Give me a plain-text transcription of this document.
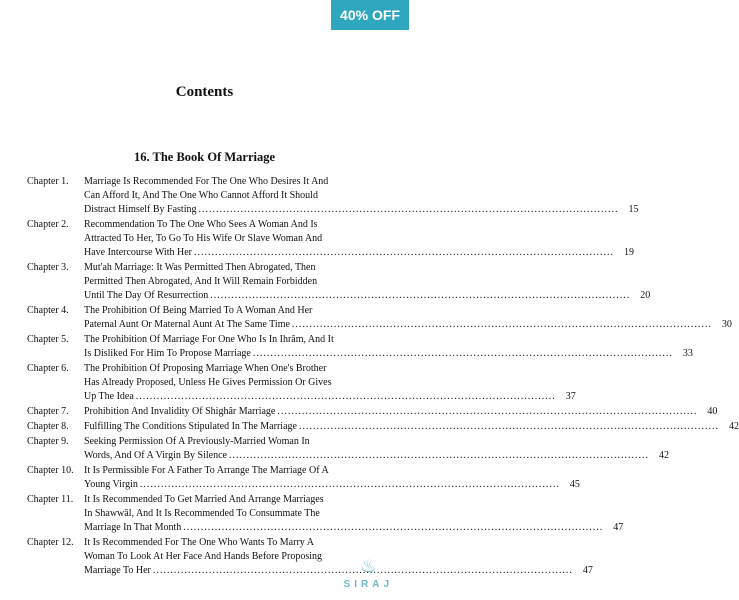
40% OFF
Contents
16. The Book Of Marriage
Chapter 1.	Marriage Is Recommended For The One Who Desires It And
Can Afford It, And The One Who Cannot Afford It Should
Distract Himself By Fasting .....	15
Chapter 2.	Recommendation To The One Who Sees A Woman And Is
Attracted To Her, To Go To His Wife Or Slave Woman And
Have Intercourse With Her .....	19
Chapter 3.	Mut'ah Marriage: It Was Permitted Then Abrogated, Then
Permitted Then Abrogated, And It Will Remain Forbidden
Until The Day Of Resurrection .....	20
Chapter 4.	The Prohibition Of Being Married To A Woman And Her
Paternal Aunt Or Maternal Aunt At The Same Time .....	30
Chapter 5.	The Prohibition Of Marriage For One Who Is In Ihrâm, And It
Is Disliked For Him To Propose Marriage .....	33
Chapter 6.	The Prohibition Of Proposing Marriage When One's Brother
Has Already Proposed, Unless He Gives Permission Or Gives
Up The Idea .....	37
Chapter 7.	Prohibition And Invalidity Of Shighâr Marriage .....	40
Chapter 8.	Fulfilling The Conditions Stipulated In The Marriage .....	42
Chapter 9.	Seeking Permission Of A Previously-Married Woman In
Words, And Of A Virgin By Silence .....	42
Chapter 10.	It Is Permissible For A Father To Arrange The Marriage Of A
Young Virgin .....	45
Chapter 11.	It Is Recommended To Get Married And Arrange Marriages
In Shawwâl, And It Is Recommended To Consummate The
Marriage In That Month .....	47
Chapter 12.	It Is Recommended For The One Who Wants To Marry A
Woman To Look At Her Face And Hands Before Proposing
Marriage To Her .....	47
♨
SIRAJ
